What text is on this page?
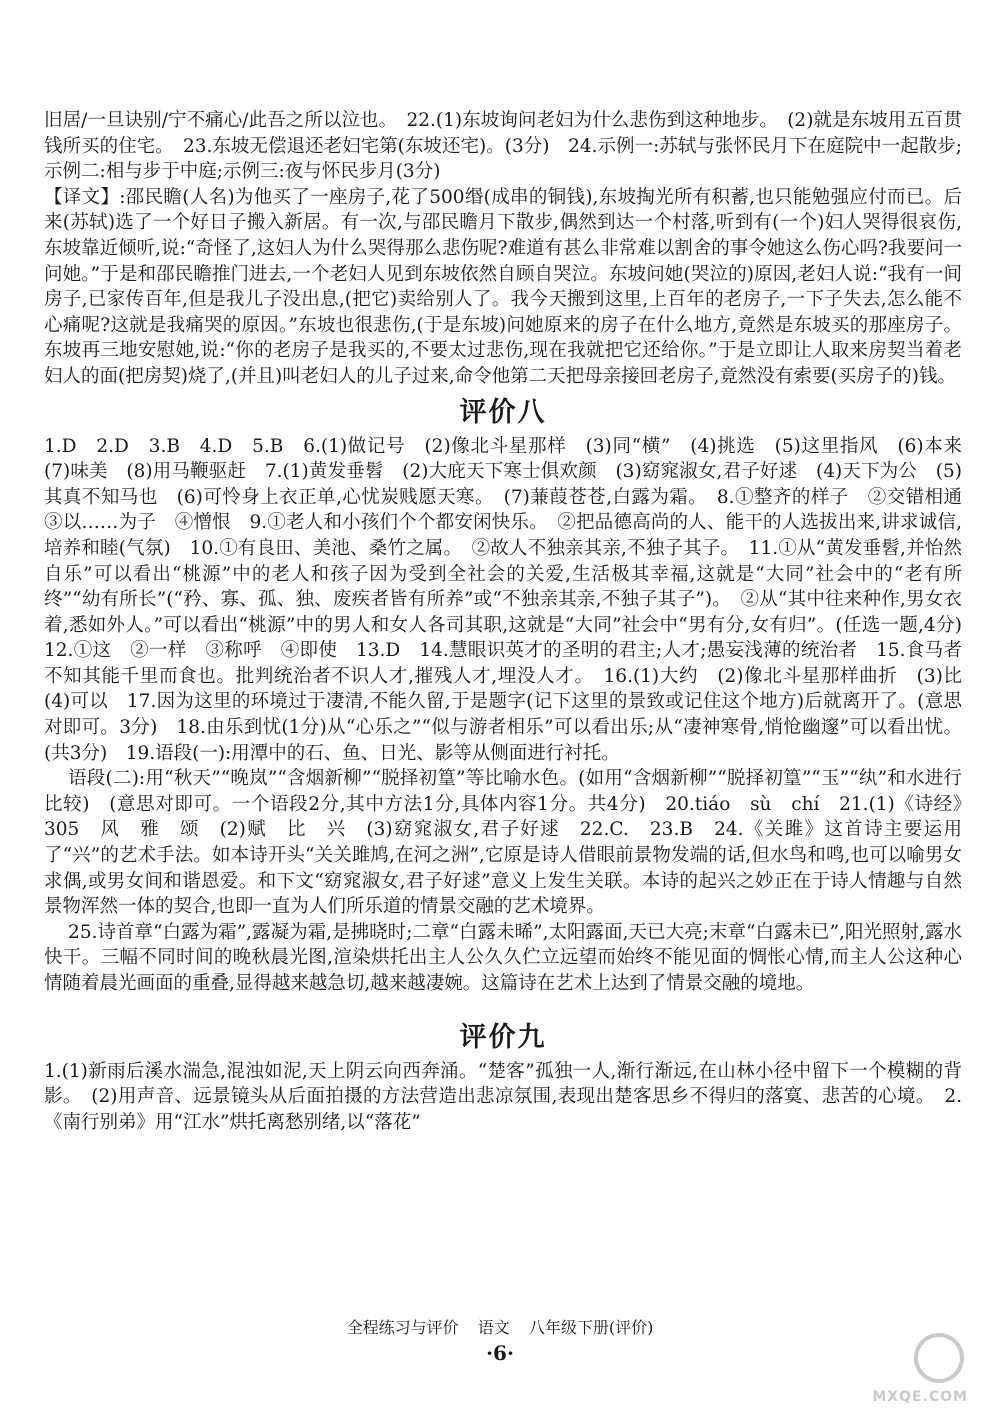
旧居/一旦诀别/宁不痛心/此吾之所以泣也。　22.(1)东坡询问老妇为什么悲伤到这种地步。　(2)就是东坡用五百贯钱所买的住宅。　23.东坡无偿退还老妇宅第(东坡还宅)。(3分)　24.示例一:苏轼与张怀民月下在庭院中一起散步;示例二:相与步于中庭;示例三:夜与怀民步月(3分)

【译文】:邵民瞻(人名)为他买了一座房子,花了500缗(成串的铜钱),东坡掏光所有积蓄,也只能勉强应付而已。后来(苏轼)选了一个好日子搬入新居。有一次,与邵民瞻月下散步,偶然到达一个村落,听到有(一个)妇人哭得很哀伤,东坡靠近倾听,说:“奇怪了,这妇人为什么哭得那么悲伤呢?难道有甚么非常难以割舍的事令她这么伤心吗?我要问一问她。”于是和邵民瞻推门进去,一个老妇人见到东坡依然自顾自哭泣。东坡问她(哭泣的)原因,老妇人说:“我有一间房子,已家传百年,但是我儿子没出息,(把它)卖给别人了。我今天搬到这里,上百年的老房子,一下子失去,怎么能不心痛呢?这就是我痛哭的原因。”东坡也很悲伤,(于是东坡)问她原来的房子在什么地方,竟然是东坡买的那座房子。东坡再三地安慰她,说:“你的老房子是我买的,不要太过悲伤,现在我就把它还给你。”于是立即让人取来房契当着老妇人的面(把房契)烧了,(并且)叫老妇人的儿子过来,命令他第二天把母亲接回老房子,竟然没有索要(买房子的)钱。

评价八

1.D　2.D　3.B　4.D　5.B　6.(1)做记号　(2)像北斗星那样　(3)同“横”　(4)挑选　(5)这里指风　(6)本来　(7)味美　(8)用马鞭驱赶　7.(1)黄发垂髫　(2)大庇天下寒士俱欢颜　(3)窈窕淑女,君子好逑　(4)天下为公　(5)其真不知马也　(6)可怜身上衣正单,心忧炭贱愿天寒。　(7)蒹葭苍苍,白露为霜。　8.①整齐的样子　②交错相通　③以……为子　④憎恨　9.①老人和小孩们个个都安闲快乐。　②把品德高尚的人、能干的人选拔出来,讲求诚信,培养和睦(气氛)　10.①有良田、美池、桑竹之属。　②故人不独亲其亲,不独子其子。　11.①从“黄发垂髫,并怡然自乐”可以看出“桃源”中的老人和孩子因为受到全社会的关爱,生活极其幸福,这就是“大同”社会中的“老有所终”“幼有所长”(“矜、寡、孤、独、废疾者皆有所养”或“不独亲其亲,不独子其子”)。　②从“其中往来种作,男女衣着,悉如外人。”可以看出“桃源”中的男人和女人各司其职,这就是“大同”社会中“男有分,女有归”。(任选一题,4分)　12.①这　②一样　③称呼　④即使　13.D　14.慧眼识英才的圣明的君主;人才;愚妄浅薄的统治者　15.食马者不知其能千里而食也。批判统治者不识人才,摧残人才,埋没人才。　16.(1)大约　(2)像北斗星那样曲折　(3)比　(4)可以　17.因为这里的环境过于凄清,不能久留,于是题字(记下这里的景致或记住这个地方)后就离开了。(意思对即可。3分)　18.由乐到忧(1分)从“心乐之”“似与游者相乐”可以看出乐;从“凄神寒骨,悄怆幽邃”可以看出忧。(共3分)　19.语段(一):用潭中的石、鱼、日光、影等从侧面进行衬托。

语段(二):用“秋天”“晚岚”“含烟新柳”“脱择初篁”等比喻水色。(如用“含烟新柳”“脱择初篁”“玉”“纨”和水进行比较)　(意思对即可。一个语段2分,其中方法1分,具体内容1分。共4分)　20.tiáo　sù　chí　21.(1)《诗经》　305　风　雅　颂　(2)赋　比　兴　(3)窈窕淑女,君子好逑　22.C.　23.B　24.《关雎》这首诗主要运用了“兴”的艺术手法。如本诗开头“关关雎鸠,在河之洲”,它原是诗人借眼前景物发端的话,但水鸟和鸣,也可以喻男女求偶,或男女间和谐恩爱。和下文“窈窕淑女,君子好逑”意义上发生关联。本诗的起兴之妙正在于诗人情趣与自然景物浑然一体的契合,也即一直为人们所乐道的情景交融的艺术境界。

25.诗首章“白露为霜”,露凝为霜,是拂晓时;二章“白露未晞”,太阳露面,天已大亮;末章“白露未已”,阳光照射,露水快干。三幅不同时间的晚秋晨光图,渲染烘托出主人公久久伫立远望而始终不能见面的惆怅心情,而主人公这种心情随着晨光画面的重叠,显得越来越急切,越来越凄婉。这篇诗在艺术上达到了情景交融的境地。

评价九

1.(1)新雨后溪水湍急,混浊如泥,天上阴云向西奔涌。“楚客”孤独一人,渐行渐远,在山林小径中留下一个模糊的背影。　(2)用声音、远景镜头从后面拍摄的方法营造出悲凉氛围,表现出楚客思乡不得归的落寞、悲苦的心境。　2.《南行别弟》用“江水”烘托离愁别绪,以“落花”

全程练习与评价 语文 八年级下册(评价)
·6·
MXQE.COM
